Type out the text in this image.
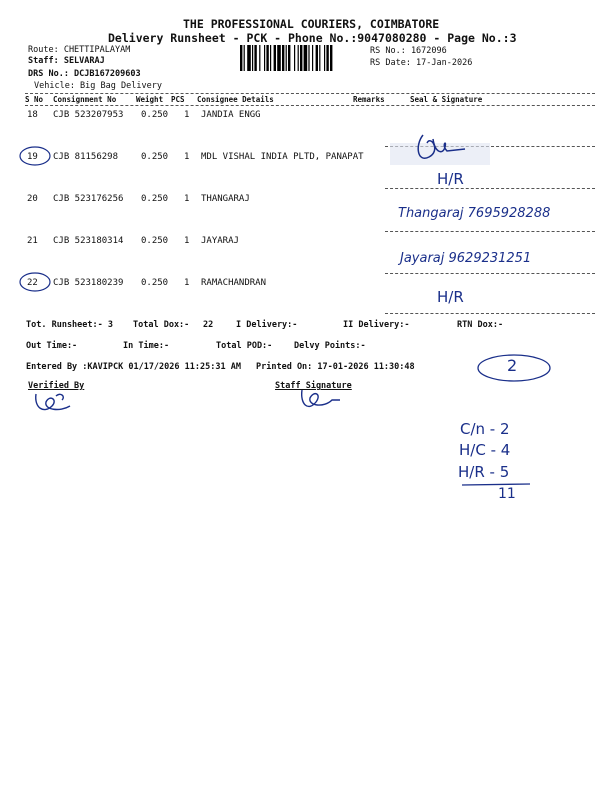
THE PROFESSIONAL COURIERS, COIMBATORE
Delivery Runsheet - PCK - Phone No.:9047080280 - Page No.:3
Route: CHETTIPALAYAM
Staff: SELVARAJ
DRS No.: DCJB167209603
Vehicle: Big Bag Delivery
RS No.: 1672096
RS Date: 17-Jan-2026
S No Consignment No	Weight PCS Consignee Details	Remarks	Seal & Signature
18 CJB 523207953 0.250 1 JANDIA ENGG
19 CJB 81156298	0.250 1 MDL VISHAL INDIA PLTD, PANAPAT
20 CJB 523176256 0.250 1 THANGARAJ
21 CJB 523180314 0.250 1 JAYARAJ
22 CJB 523180239 0.250 1 RAMACHANDRAN
Tot. Runsheet:- 3 Total Dox:- 22	I Delivery:-	II Delivery:-	RTN Dox:-
Out Time:-	In Time:-	Total POD:-	Delvy Points:-
Entered By :KAVIPCK 01/17/2026 11:25:31 AM Printed On: 17-01-2026 11:30:48
Verified By	Staff Signature
H/R
Thangaraj 7695928288
Jayaraj 9629231251
H/R
2
C/n - 2
H/C - 4
H/R - 5
11
